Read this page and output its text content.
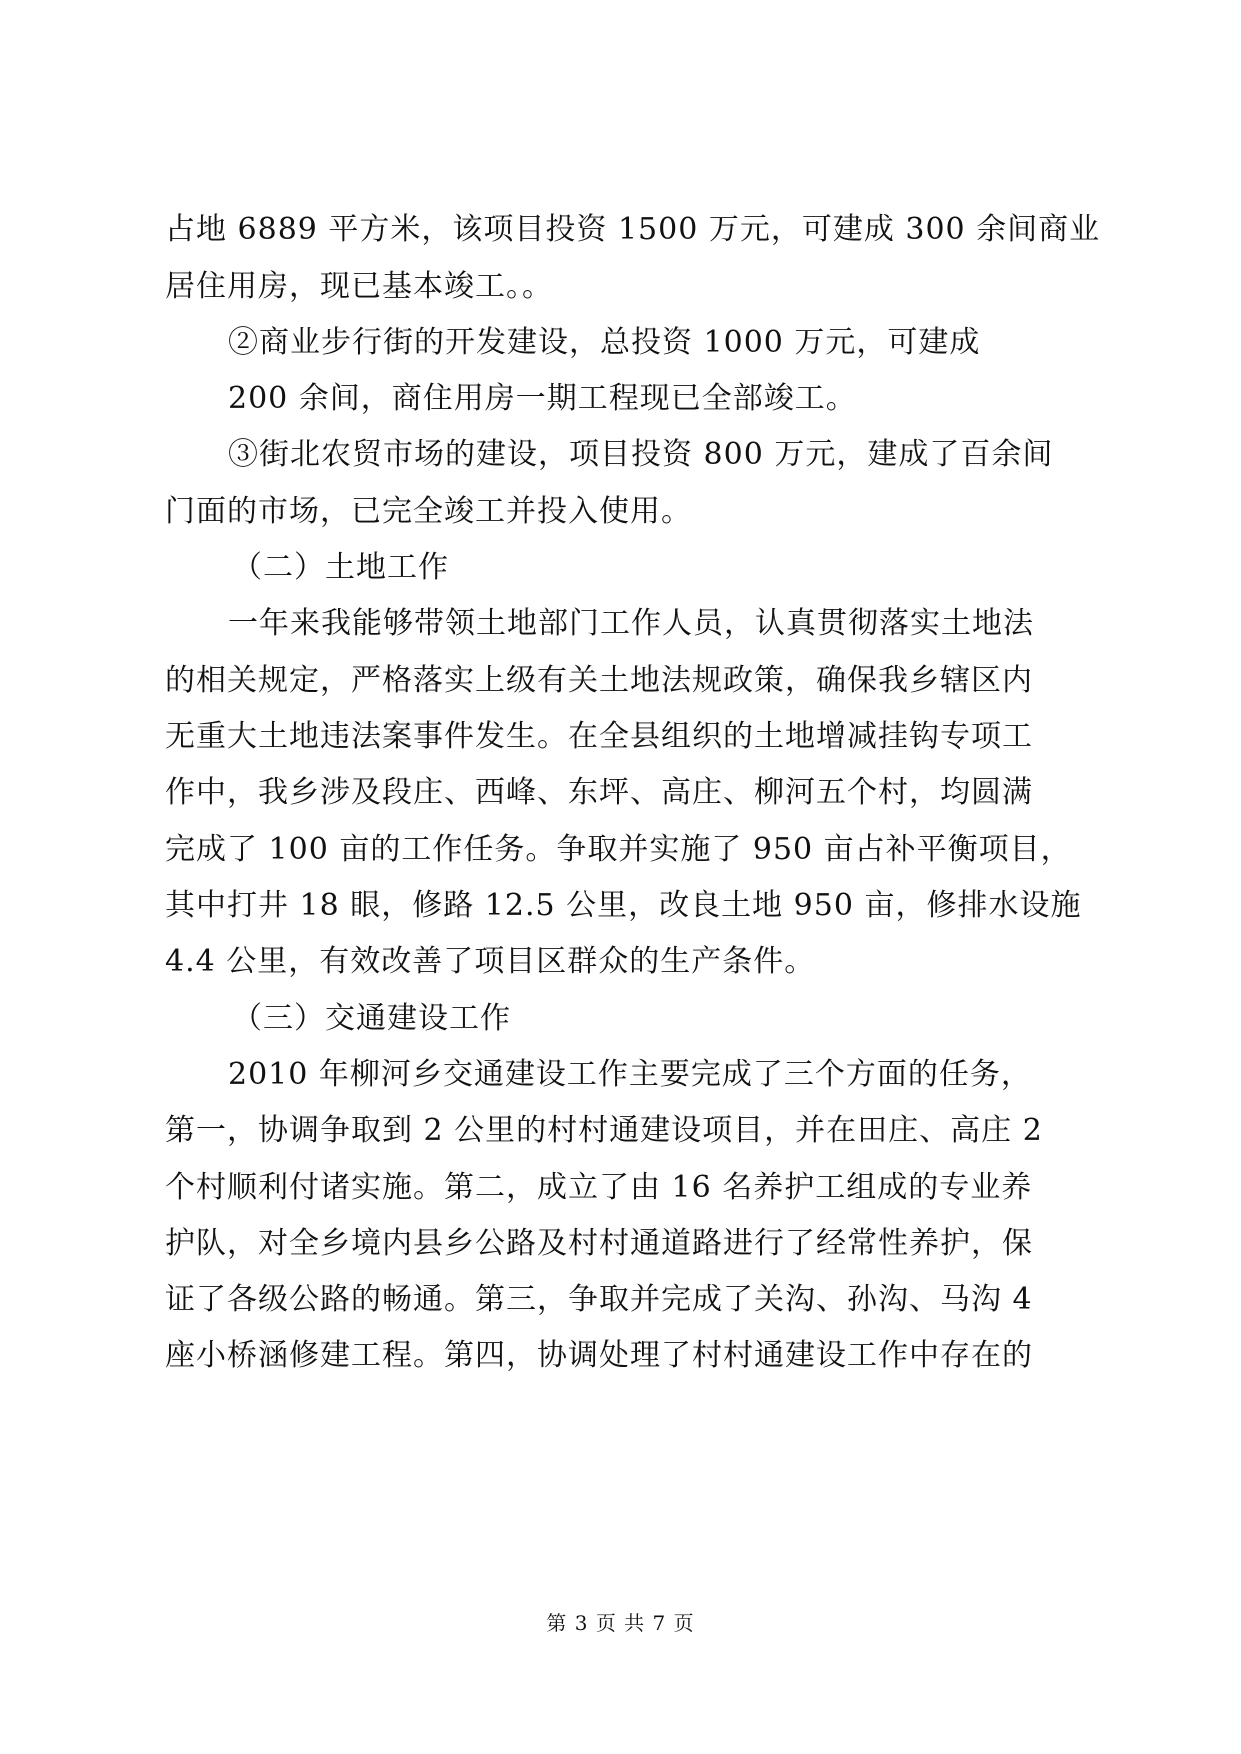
占地 6889 平方米，该项目投资 1500 万元，可建成 300 余间商业
居住用房，现已基本竣工。。
②商业步行街的开发建设，总投资 1000 万元，可建成
200 余间，商住用房一期工程现已全部竣工。
③街北农贸市场的建设，项目投资 800 万元，建成了百余间
门面的市场，已完全竣工并投入使用。
（二）土地工作
一年来我能够带领土地部门工作人员，认真贯彻落实土地法
的相关规定，严格落实上级有关土地法规政策，确保我乡辖区内
无重大土地违法案事件发生。在全县组织的土地增减挂钩专项工
作中，我乡涉及段庄、西峰、东坪、高庄、柳河五个村，均圆满
完成了 100 亩的工作任务。争取并实施了 950 亩占补平衡项目，
其中打井 18 眼，修路 12.5 公里，改良土地 950 亩，修排水设施
4.4 公里，有效改善了项目区群众的生产条件。
（三）交通建设工作
2010 年柳河乡交通建设工作主要完成了三个方面的任务，
第一，协调争取到 2 公里的村村通建设项目，并在田庄、高庄 2
个村顺利付诸实施。第二，成立了由 16 名养护工组成的专业养
护队，对全乡境内县乡公路及村村通道路进行了经常性养护，保
证了各级公路的畅通。第三，争取并完成了关沟、孙沟、马沟 4
座小桥涵修建工程。第四，协调处理了村村通建设工作中存在的
第 3 页 共 7 页
